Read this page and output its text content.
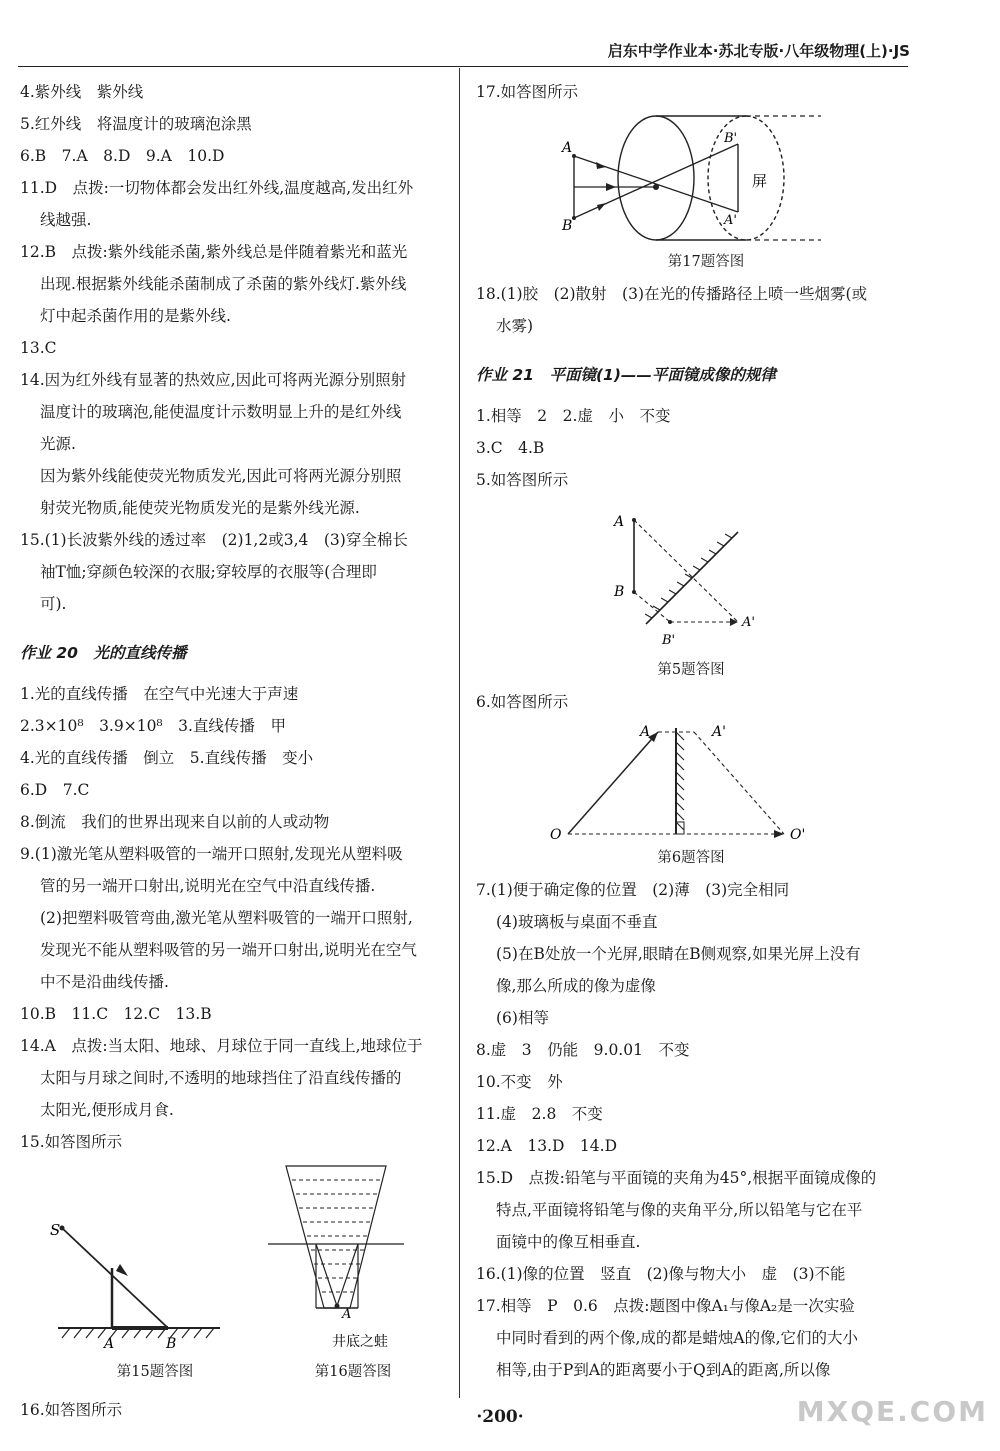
启东中学作业本·苏北专版·八年级物理(上)·JS

4.紫外线　紫外线

5.红外线　将温度计的玻璃泡涂黑

6.B　7.A　8.D　9.A　10.D

11.D　点拨:一切物体都会发出红外线,温度越高,发出红外

线越强.

12.B　点拨:紫外线能杀菌,紫外线总是伴随着紫光和蓝光

出现.根据紫外线能杀菌制成了杀菌的紫外线灯.紫外线

灯中起杀菌作用的是紫外线.

13.C

14.因为红外线有显著的热效应,因此可将两光源分别照射

温度计的玻璃泡,能使温度计示数明显上升的是红外线

光源.

因为紫外线能使荧光物质发光,因此可将两光源分别照

射荧光物质,能使荧光物质发光的是紫外线光源.

15.(1)长波紫外线的透过率　(2)1,2或3,4　(3)穿全棉长

袖T恤;穿颜色较深的衣服;穿较厚的衣服等(合理即

可).

作业 20　光的直线传播

1.光的直线传播　在空气中光速大于声速

2.3×10⁸　3.9×10⁸　3.直线传播　甲

4.光的直线传播　倒立　5.直线传播　变小

6.D　7.C

8.倒流　我们的世界出现来自以前的人或动物

9.(1)激光笔从塑料吸管的一端开口照射,发现光从塑料吸

管的另一端开口射出,说明光在空气中沿直线传播.

(2)把塑料吸管弯曲,激光笔从塑料吸管的一端开口照射,

发现光不能从塑料吸管的另一端开口射出,说明光在空气

中不是沿曲线传播.

10.B　11.C　12.C　13.B

14.A　点拨:当太阳、地球、月球位于同一直线上,地球位于

太阳与月球之间时,不透明的地球挡住了沿直线传播的

太阳光,便形成月食.

15.如答图所示

S
A	B
A
井底之蛙
第15题答图	第16题答图

16.如答图所示

17.如答图所示

A
B
B'
A'
屏
第17题答图

18.(1)胶　(2)散射　(3)在光的传播路径上喷一些烟雾(或

水雾)

作业 21　平面镜(1)——平面镜成像的规律

1.相等　2　2.虚　小　不变

3.C　4.B

5.如答图所示

A
B
A'
B'
第5题答图

6.如答图所示

A	A'
O	O'
第6题答图

7.(1)便于确定像的位置　(2)薄　(3)完全相同

(4)玻璃板与桌面不垂直

(5)在B处放一个光屏,眼睛在B侧观察,如果光屏上没有

像,那么所成的像为虚像

(6)相等

8.虚　3　仍能　9.0.01　不变

10.不变　外

11.虚　2.8　不变

12.A　13.D　14.D

15.D　点拨:铅笔与平面镜的夹角为45°,根据平面镜成像的

特点,平面镜将铅笔与像的夹角平分,所以铅笔与它在平

面镜中的像互相垂直.

16.(1)像的位置　竖直　(2)像与物大小　虚　(3)不能

17.相等　P　0.6　点拨:题图中像A₁与像A₂是一次实验

中同时看到的两个像,成的都是蜡烛A的像,它们的大小

相等,由于P到A的距离要小于Q到A的距离,所以像

·200·	MXQE.COM
